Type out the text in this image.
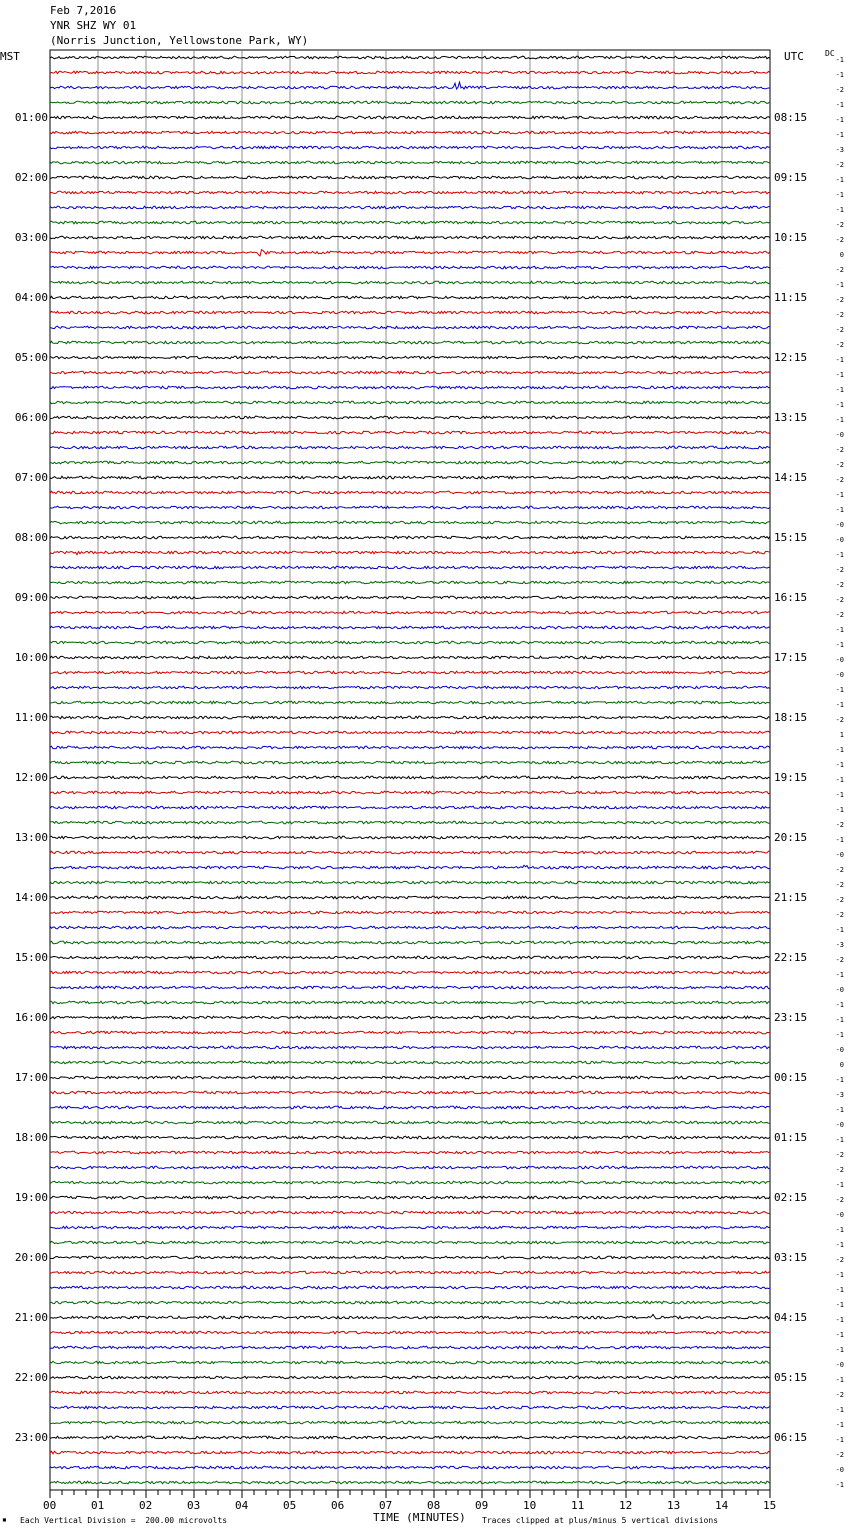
Feb 7,2016
YNR SHZ WY 01
(Norris Junction, Yellowstone Park, WY)
MST	UTC	DC
01:00
02:00
03:00
04:00
05:00
06:00
07:00
08:00
09:00
10:00
11:00
12:00
13:00
14:00
15:00
16:00
17:00
18:00
19:00
20:00
21:00
22:00
23:00
08:15
09:15
10:15
11:15
12:15
13:15
14:15
15:15
16:15
17:15
18:15
19:15
20:15
21:15
22:15
23:15
00:15
01:15
02:15
03:15
04:15
05:15
06:15
-1
-1
-2
-1
-1
-1
-3
-2
-1
-1
-1
-2
-2
0
-2
-1
-2
-2
-2
-2
-1
-1
-1
-1
-1
-0
-2
-2
-2
-1
-1
-0
-0
-1
-2
-2
-2
-2
-1
-1
-0
-0
-1
-1
-2
1
-1
-1
-1
-1
-1
-2
-1
-0
-2
-2
-2
-2
-1
-3
-2
-1
-0
-1
-1
-1
-0
0
-1
-3
-1
-0
-1
-2
-2
-1
-2
-0
-1
-1
-2
-1
-1
-1
-1
-1
-1
-0
-1
-2
-1
-1
-1
-2
-0
-1
00	01	02	03	04	05	06	07	08	09	10	11	12	13	14	15
TIME (MINUTES)
▪ Each Vertical Division =  200.00 microvolts	Traces clipped at plus/minus 5 vertical divisions
